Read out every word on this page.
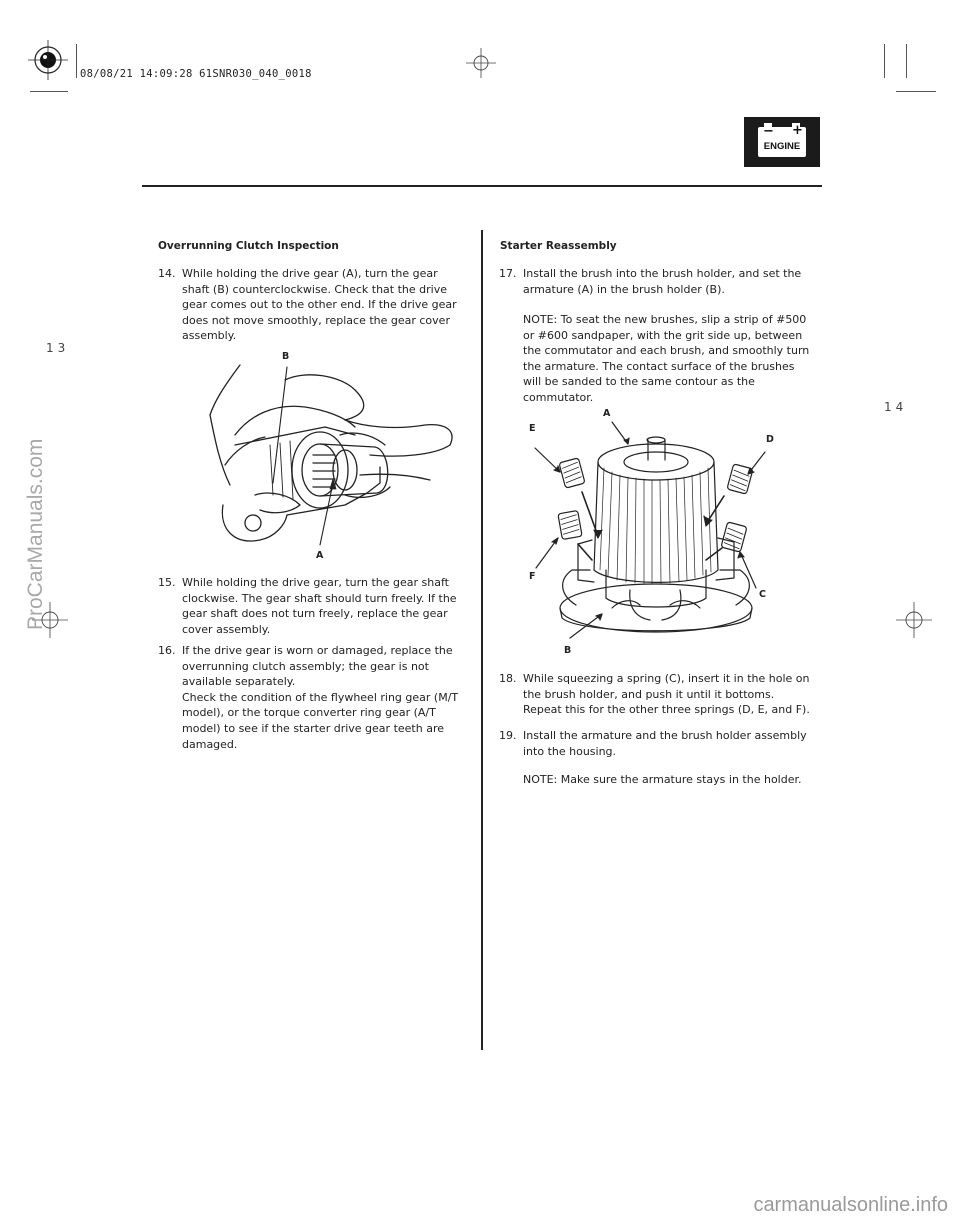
08/08/21 14:09:28 61SNR030_040_0018
− +
ENGINE
13
14
Overrunning Clutch Inspection
14. While holding the drive gear (A), turn the gear shaft (B) counterclockwise. Check that the drive gear comes out to the other end. If the drive gear does not move smoothly, replace the gear cover assembly.
B
A
15. While holding the drive gear, turn the gear shaft clockwise. The gear shaft should turn freely. If the gear shaft does not turn freely, replace the gear cover assembly.
16. If the drive gear is worn or damaged, replace the overrunning clutch assembly; the gear is not available separately.
Check the condition of the flywheel ring gear (M/T model), or the torque converter ring gear (A/T model) to see if the starter drive gear teeth are damaged.
Starter Reassembly
17. Install the brush into the brush holder, and set the armature (A) in the brush holder (B).
NOTE: To seat the new brushes, slip a strip of #500 or #600 sandpaper, with the grit side up, between the commutator and each brush, and smoothly turn the armature. The contact surface of the brushes will be sanded to the same contour as the commutator.
A
E
D
F
C
B
18. While squeezing a spring (C), insert it in the hole on the brush holder, and push it until it bottoms. Repeat this for the other three springs (D, E, and F).
19. Install the armature and the brush holder assembly into the housing.
NOTE: Make sure the armature stays in the holder.
ProCarManuals.com
carmanualsonline.info
